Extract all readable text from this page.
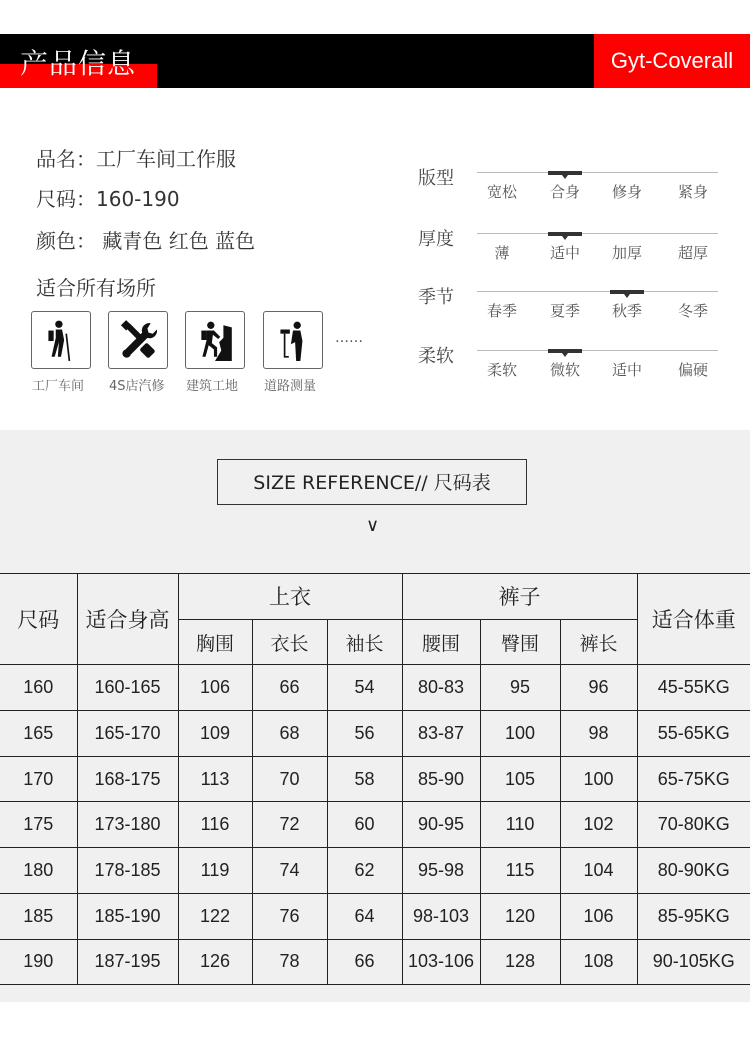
产品信息	Gyt-Coverall
品名：工厂车间工作服
尺码：160-190
颜色： 藏青色 红色 蓝色
适合所有场所
工厂车间	4S店汽修	建筑工地	道路测量
……
版型
宽松	合身	修身	紧身
厚度
薄	适中	加厚	超厚
季节
春季	夏季	秋季	冬季
柔软
柔软	微软	适中	偏硬
SIZE REFERENCE// 尺码表
∨
尺码	适合身高	上衣			裤子			适合体重
		胸围	衣长	袖长	腰围	臀围	裤长	
160	160-165	106	66	54	80-83	95	96	45-55KG
165	165-170	109	68	56	83-87	100	98	55-65KG
170	168-175	113	70	58	85-90	105	100	65-75KG
175	173-180	116	72	60	90-95	110	102	70-80KG
180	178-185	119	74	62	95-98	115	104	80-90KG
185	185-190	122	76	64	98-103	120	106	85-95KG
190	187-195	126	78	66	103-106	128	108	90-105KG
